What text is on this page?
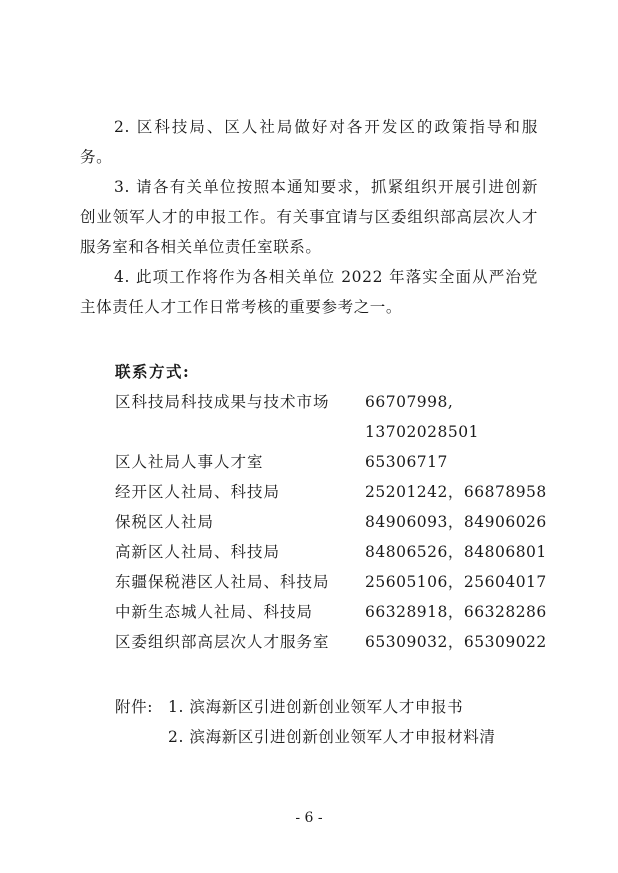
2. 区科技局、区人社局做好对各开发区的政策指导和服务。

3. 请各有关单位按照本通知要求，抓紧组织开展引进创新创业领军人才的申报工作。有关事宜请与区委组织部高层次人才服务室和各相关单位责任室联系。

4. 此项工作将作为各相关单位 2022 年落实全面从严治党主体责任人才工作日常考核的重要参考之一。

联系方式:
区科技局科技成果与技术市场 66707998,
13702028501
区人社局人事人才室	65306717
经开区人社局、科技局	25201242，66878958
保税区人社局	84906093，84906026
高新区人社局、科技局	84806526，84806801
东疆保税港区人社局、科技局 25605106，25604017
中新生态城人社局、科技局	66328918，66328286
区委组织部高层次人才服务室 65309032，65309022
附件: 1. 滨海新区引进创新创业领军人才申报书
2. 滨海新区引进创新创业领军人才申报材料清
- 6 -
